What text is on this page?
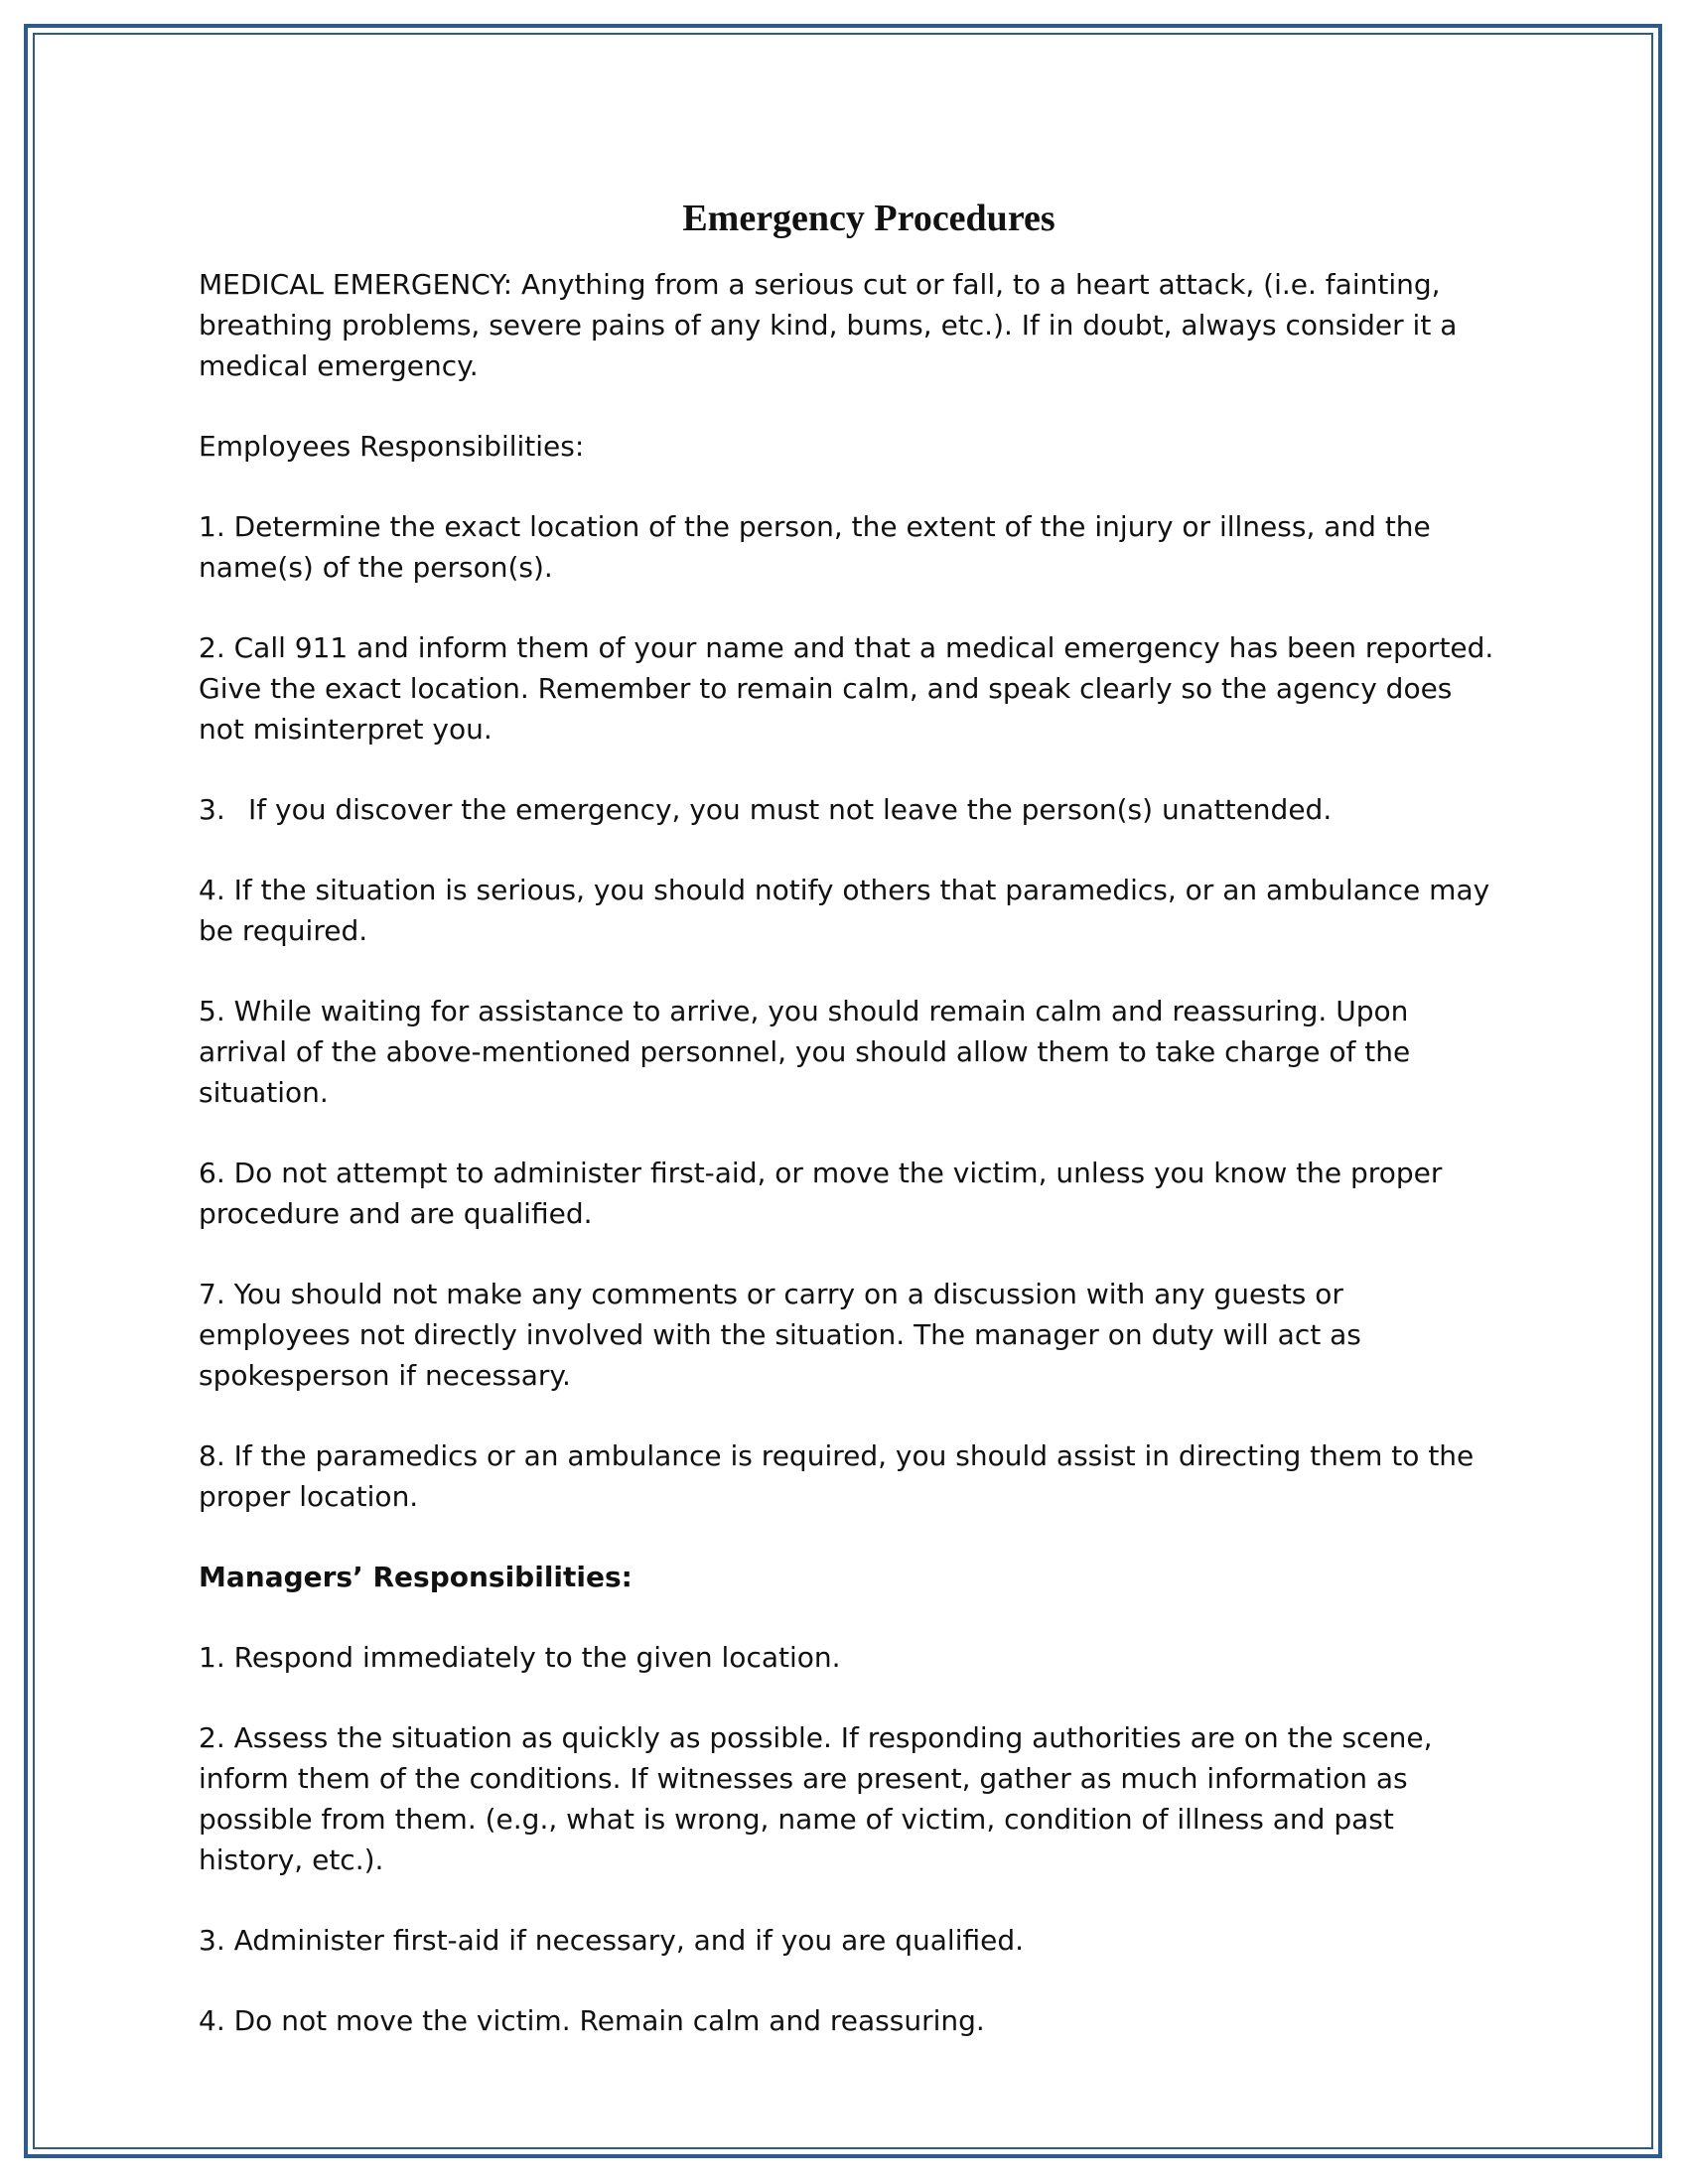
Emergency Procedures

MEDICAL EMERGENCY: Anything from a serious cut or fall, to a heart attack, (i.e. fainting, breathing problems, severe pains of any kind, bums, etc.). If in doubt, always consider it a medical emergency.

Employees Responsibilities:

1. Determine the exact location of the person, the extent of the injury or illness, and the name(s) of the person(s).

2. Call 911 and inform them of your name and that a medical emergency has been reported. Give the exact location. Remember to remain calm, and speak clearly so the agency does not misinterpret you.

3. If you discover the emergency, you must not leave the person(s) unattended.

4. If the situation is serious, you should notify others that paramedics, or an ambulance may be required.

5. While waiting for assistance to arrive, you should remain calm and reassuring. Upon arrival of the above-mentioned personnel, you should allow them to take charge of the situation.

6. Do not attempt to administer first-aid, or move the victim, unless you know the proper procedure and are qualified.

7. You should not make any comments or carry on a discussion with any guests or employees not directly involved with the situation. The manager on duty will act as spokesperson if necessary.

8. If the paramedics or an ambulance is required, you should assist in directing them to the proper location.

Managers’ Responsibilities:

1. Respond immediately to the given location.

2. Assess the situation as quickly as possible. If responding authorities are on the scene, inform them of the conditions. If witnesses are present, gather as much information as possible from them. (e.g., what is wrong, name of victim, condition of illness and past history, etc.).

3. Administer first-aid if necessary, and if you are qualified.

4. Do not move the victim. Remain calm and reassuring.
